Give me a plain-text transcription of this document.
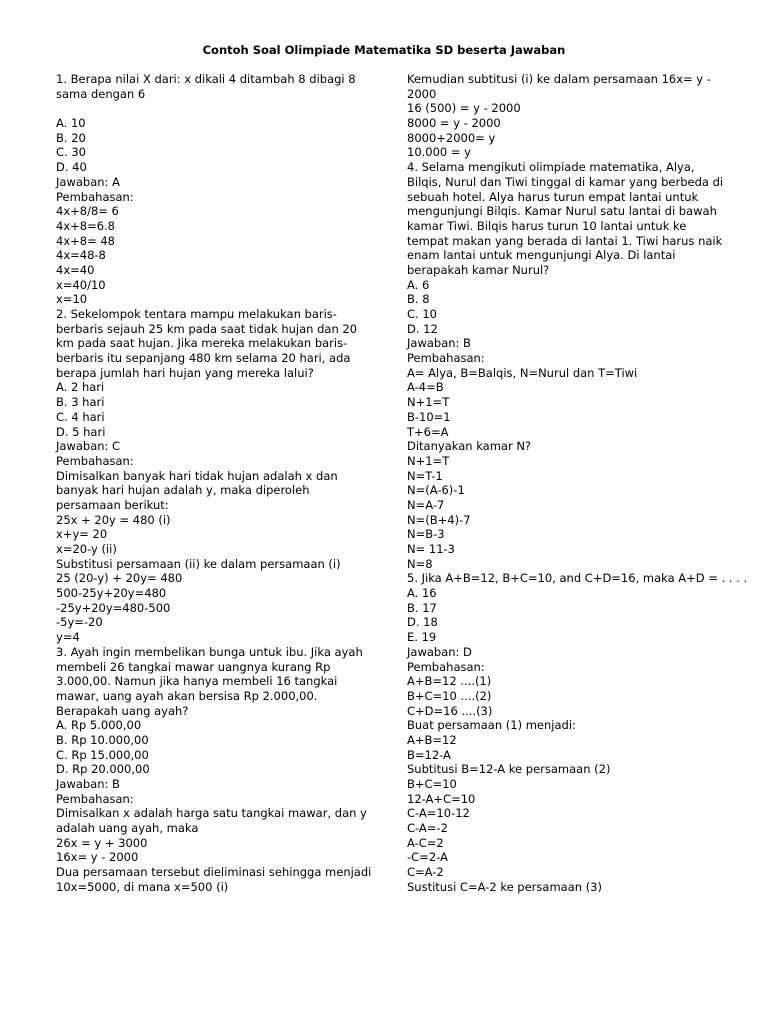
Contoh Soal Olimpiade Matematika SD beserta Jawaban
1. Berapa nilai X dari: x dikali 4 ditambah 8 dibagi 8
sama dengan 6
A. 10
B. 20
C. 30
D. 40
Jawaban: A
Pembahasan:
4x+8/8= 6
4x+8=6.8
4x+8= 48
4x=48-8
4x=40
x=40/10
x=10
2. Sekelompok tentara mampu melakukan baris-
berbaris sejauh 25 km pada saat tidak hujan dan 20
km pada saat hujan. Jika mereka melakukan baris-
berbaris itu sepanjang 480 km selama 20 hari, ada
berapa jumlah hari hujan yang mereka lalui?
A. 2 hari
B. 3 hari
C. 4 hari
D. 5 hari
Jawaban: C
Pembahasan:
Dimisalkan banyak hari tidak hujan adalah x dan
banyak hari hujan adalah y, maka diperoleh
persamaan berikut:
25x + 20y = 480 (i)
x+y= 20
x=20-y (ii)
Substitusi persamaan (ii) ke dalam persamaan (i)
25 (20-y) + 20y= 480
500-25y+20y=480
-25y+20y=480-500
-5y=-20
y=4
3. Ayah ingin membelikan bunga untuk ibu. Jika ayah
membeli 26 tangkai mawar uangnya kurang Rp
3.000,00. Namun jika hanya membeli 16 tangkai
mawar, uang ayah akan bersisa Rp 2.000,00.
Berapakah uang ayah?
A. Rp 5.000,00
B. Rp 10.000,00
C. Rp 15.000,00
D. Rp 20.000,00
Jawaban: B
Pembahasan:
Dimisalkan x adalah harga satu tangkai mawar, dan y
adalah uang ayah, maka
26x = y + 3000
16x= y - 2000
Dua persamaan tersebut dieliminasi sehingga menjadi
10x=5000, di mana x=500 (i)
Kemudian subtitusi (i) ke dalam persamaan 16x= y -
2000
16 (500) = y - 2000
8000 = y - 2000
8000+2000= y
10.000 = y
4. Selama mengikuti olimpiade matematika, Alya,
Bilqis, Nurul dan Tiwi tinggal di kamar yang berbeda di
sebuah hotel. Alya harus turun empat lantai untuk
mengunjungi Bilqis. Kamar Nurul satu lantai di bawah
kamar Tiwi. Bilqis harus turun 10 lantai untuk ke
tempat makan yang berada di lantai 1. Tiwi harus naik
enam lantai untuk mengunjungi Alya. Di lantai
berapakah kamar Nurul?
A. 6
B. 8
C. 10
D. 12
Jawaban: B
Pembahasan:
A= Alya, B=Balqis, N=Nurul dan T=Tiwi
A-4=B
N+1=T
B-10=1
T+6=A
Ditanyakan kamar N?
N+1=T
N=T-1
N=(A-6)-1
N=A-7
N=(B+4)-7
N=B-3
N= 11-3
N=8
5. Jika A+B=12, B+C=10, and C+D=16, maka A+D = . . . .
A. 16
B. 17
D. 18
E. 19
Jawaban: D
Pembahasan:
A+B=12 ....(1)
B+C=10 ....(2)
C+D=16 ....(3)
Buat persamaan (1) menjadi:
A+B=12
B=12-A
Subtitusi B=12-A ke persamaan (2)
B+C=10
12-A+C=10
C-A=10-12
C-A=-2
A-C=2
-C=2-A
C=A-2
Sustitusi C=A-2 ke persamaan (3)
